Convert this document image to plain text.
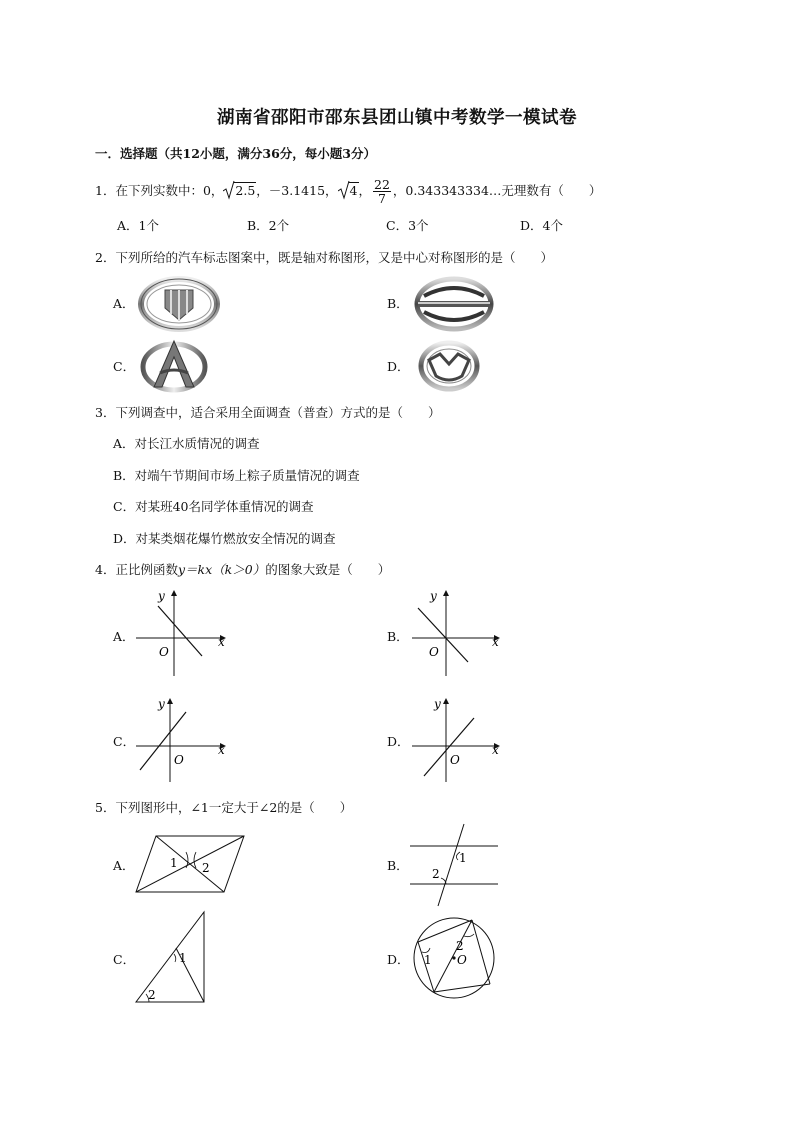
湖南省邵阳市邵东县团山镇中考数学一模试卷
一．选择题（共12小题，满分36分，每小题3分）
1．在下列实数中：0， 2.5，－3.1415， 4， $\frac{22}{7}$ ，0.343343334…无理数有（　　）
A．1个	B．2个	C．3个	D．4个
2．下列所给的汽车标志图案中，既是轴对称图形，又是中心对称图形的是（　　）
A．	B．
C．	D．
3．下列调查中，适合采用全面调查（普查）方式的是（　　）
A．对长江水质情况的调查
B．对端午节期间市场上粽子质量情况的调查
C．对某班40名同学体重情况的调查
D．对某类烟花爆竹燃放安全情况的调查
4．正比例函数y＝kx（k＞0）的图象大致是（　　）
A．	B．
C．	D．
y
x
O
y
x
O
y
x
O
y
x
O
5．下列图形中，∠1一定大于∠2的是（　　）
A．	B．
C．	D．
1 2
1
2
1
2
1
2
O
